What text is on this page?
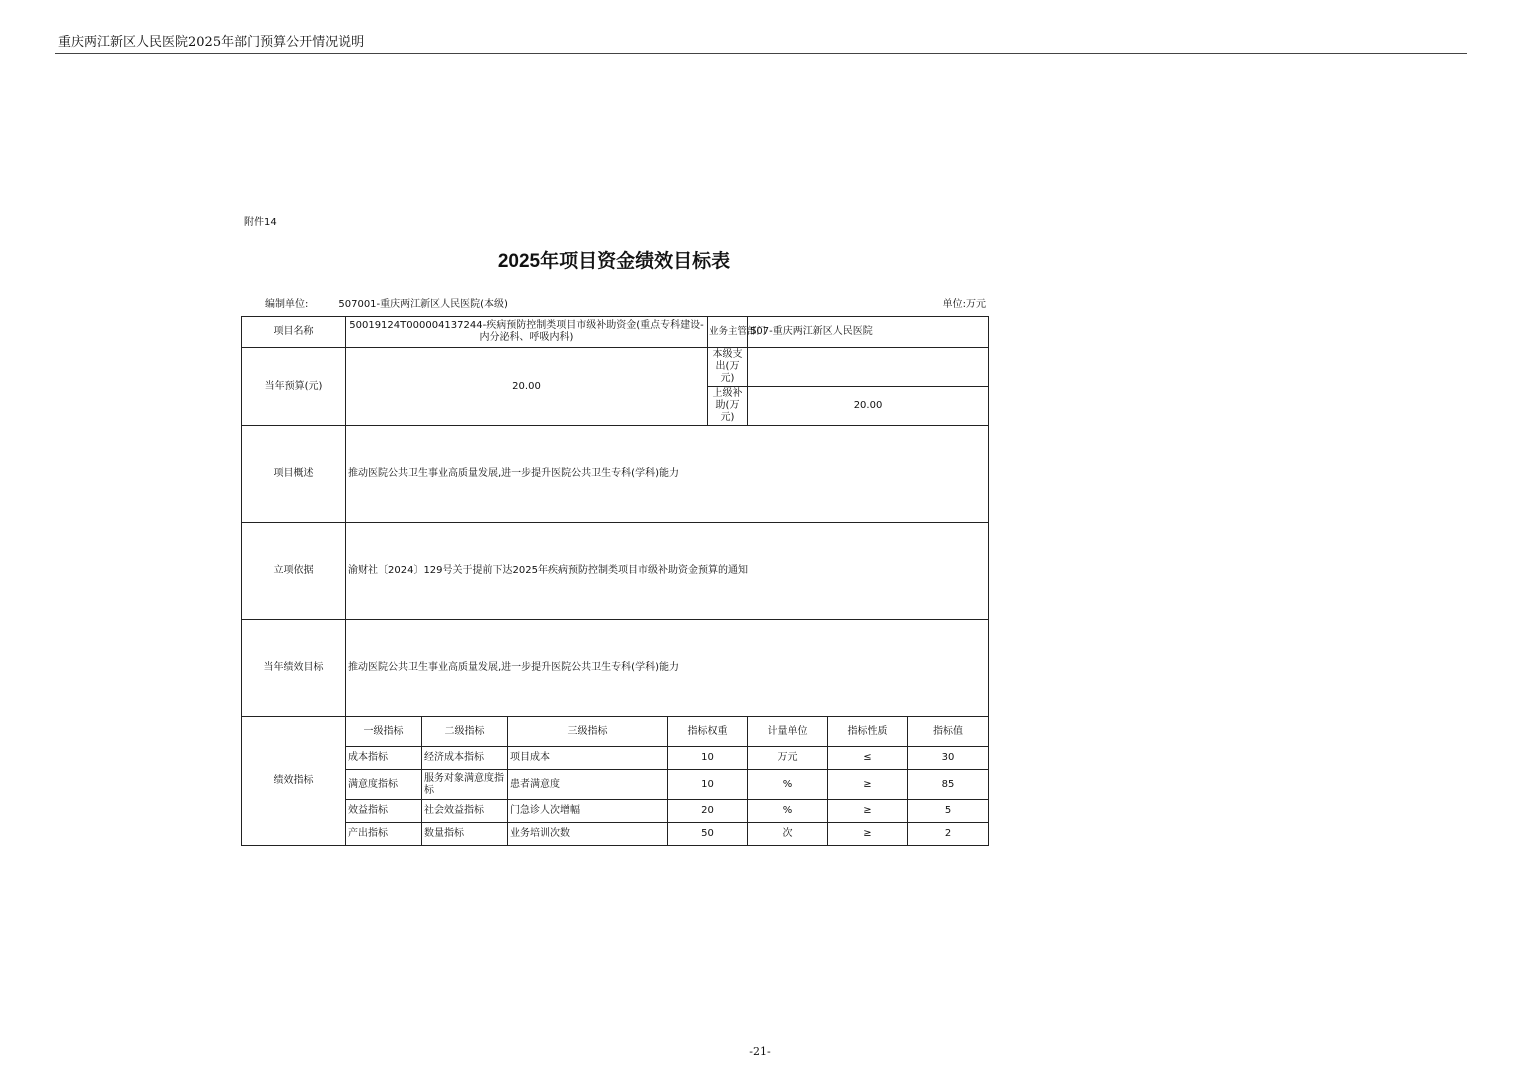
重庆两江新区人民医院2025年部门预算公开情况说明
附件14
2025年项目资金绩效目标表
编制单位:	507001-重庆两江新区人民医院(本级)	单位:万元
项目名称	50019124T000004137244-疾病预防控制类项目市级补助资金(重点专科建设-内分泌科、呼吸内科)				业务主管部门	507-重庆两江新区人民医院		
当年预算(元)	20.00				本级支出(万元)			
					上级补助(万元)	20.00		
项目概述	推动医院公共卫生事业高质量发展,进一步提升医院公共卫生专科(学科)能力							
立项依据	渝财社〔2024〕129号关于提前下达2025年疾病预防控制类项目市级补助资金预算的通知							
当年绩效目标	推动医院公共卫生事业高质量发展,进一步提升医院公共卫生专科(学科)能力							
绩效指标	一级指标	二级指标	三级指标	指标权重		计量单位	指标性质	指标值
	成本指标	经济成本指标	项目成本	10		万元	≤	30
	满意度指标	服务对象满意度指标	患者满意度	10		%	≥	85
	效益指标	社会效益指标	门急诊人次增幅	20		%	≥	5
	产出指标	数量指标	业务培训次数	50		次	≥	2
-21-
